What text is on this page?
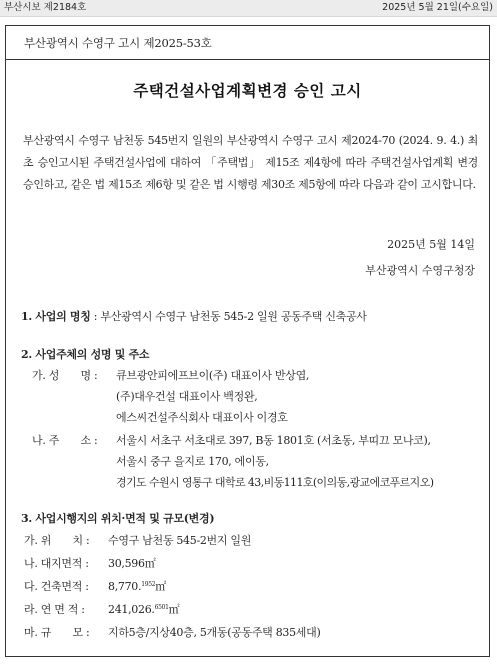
부산시보 제2184호	2025년 5월 21일(수요일)
부산광역시 수영구 고시 제2025-53호
주택건설사업계획변경 승인 고시
부산광역시 수영구 남천동 545번지 일원의 부산광역시 수영구 고시 제2024-70 (2024. 9. 4.) 최초 승인고시된 주택건설사업에 대하여 「주택법」 제15조 제4항에 따라 주택건설사업계획 변경 승인하고, 같은 법 제15조 제6항 및 같은 법 시행령 제30조 제5항에 따라 다음과 같이 고시합니다.
2025년 5월 14일
부산광역시 수영구청장
1. 사업의 명칭 : 부산광역시 수영구 남천동 545-2 일원 공동주택 신축공사
2. 사업주체의 성명 및 주소
가. 성　　명 : 큐브광안피에프브이(주) 대표이사 반상엽,
(주)대우건설 대표이사 백정완,
에스씨건설주식회사 대표이사 이경호
나. 주　　소 : 서울시 서초구 서초대로 397, B동 1801호 (서초동, 부띠끄 모나코),
서울시 중구 을지로 170, 에이동,
경기도 수원시 영통구 대학로 43,비동111호(이의동,광교에코푸르지오)
3. 사업시행지의 위치·면적 및 규모(변경)
가. 위　　치 : 수영구 남천동 545-2번지 일원
나. 대지면적 : 30,596㎡
다. 건축면적 : 8,770.$^{1952}$㎡
라. 연 면 적 : 241,026.$^{6501}$㎡
마. 규　　모 : 지하5층/지상40층, 5개동(공동주택 835세대)
